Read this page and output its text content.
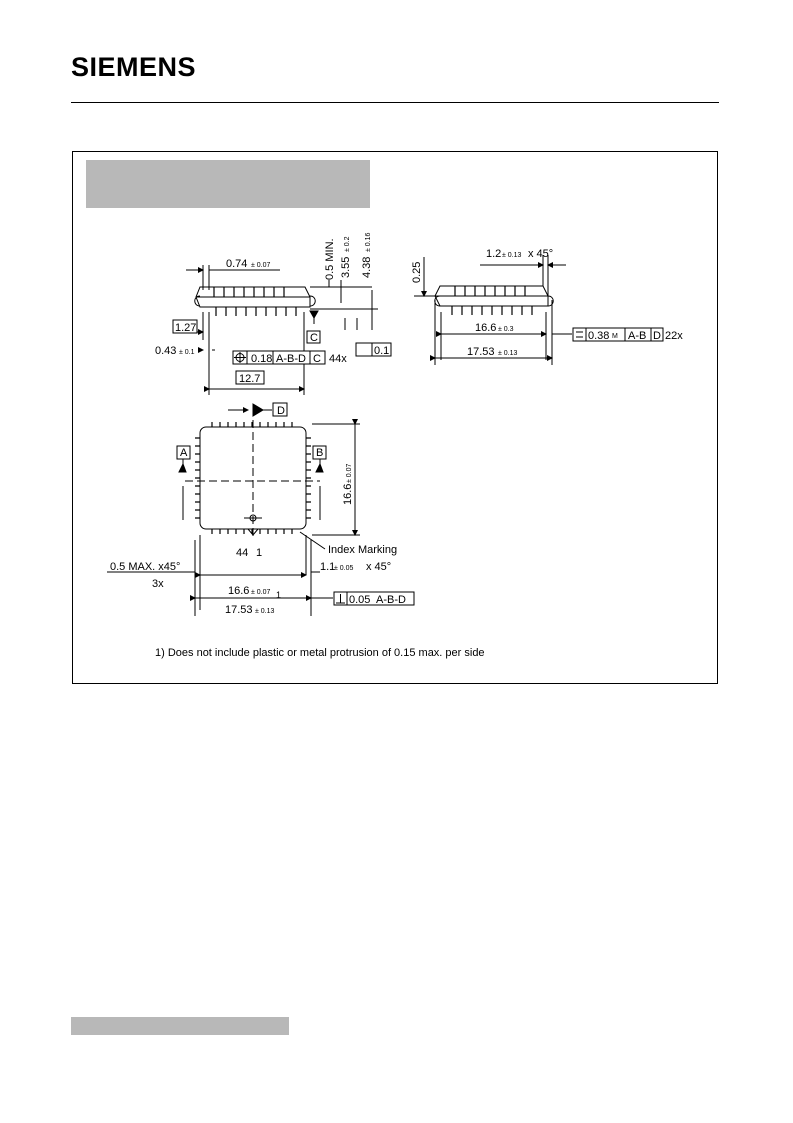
SIEMENS
0.74 ± 0.07
1.27
0.43 ± 0.1
0.18 A-B-D C 44x
C
0.1
12.7
0.5 MIN. 3.55
± 0.2
4.38
± 0.16
0.25
1.2 ± 0.13 x 45°
16.6 ± 0.3
17.53 ± 0.13
0.38 M A-B D 22x
D
A	B
44 1	Index Marking
0.5 MAX. x45°
3x
1.1
± 0.05 x 45°
16.6 ± 0.07 1
17.53 ± 0.13
16.6
± 0.07
0.05 A-B-D
1) Does not include plastic or metal protrusion of 0.15 max. per side
